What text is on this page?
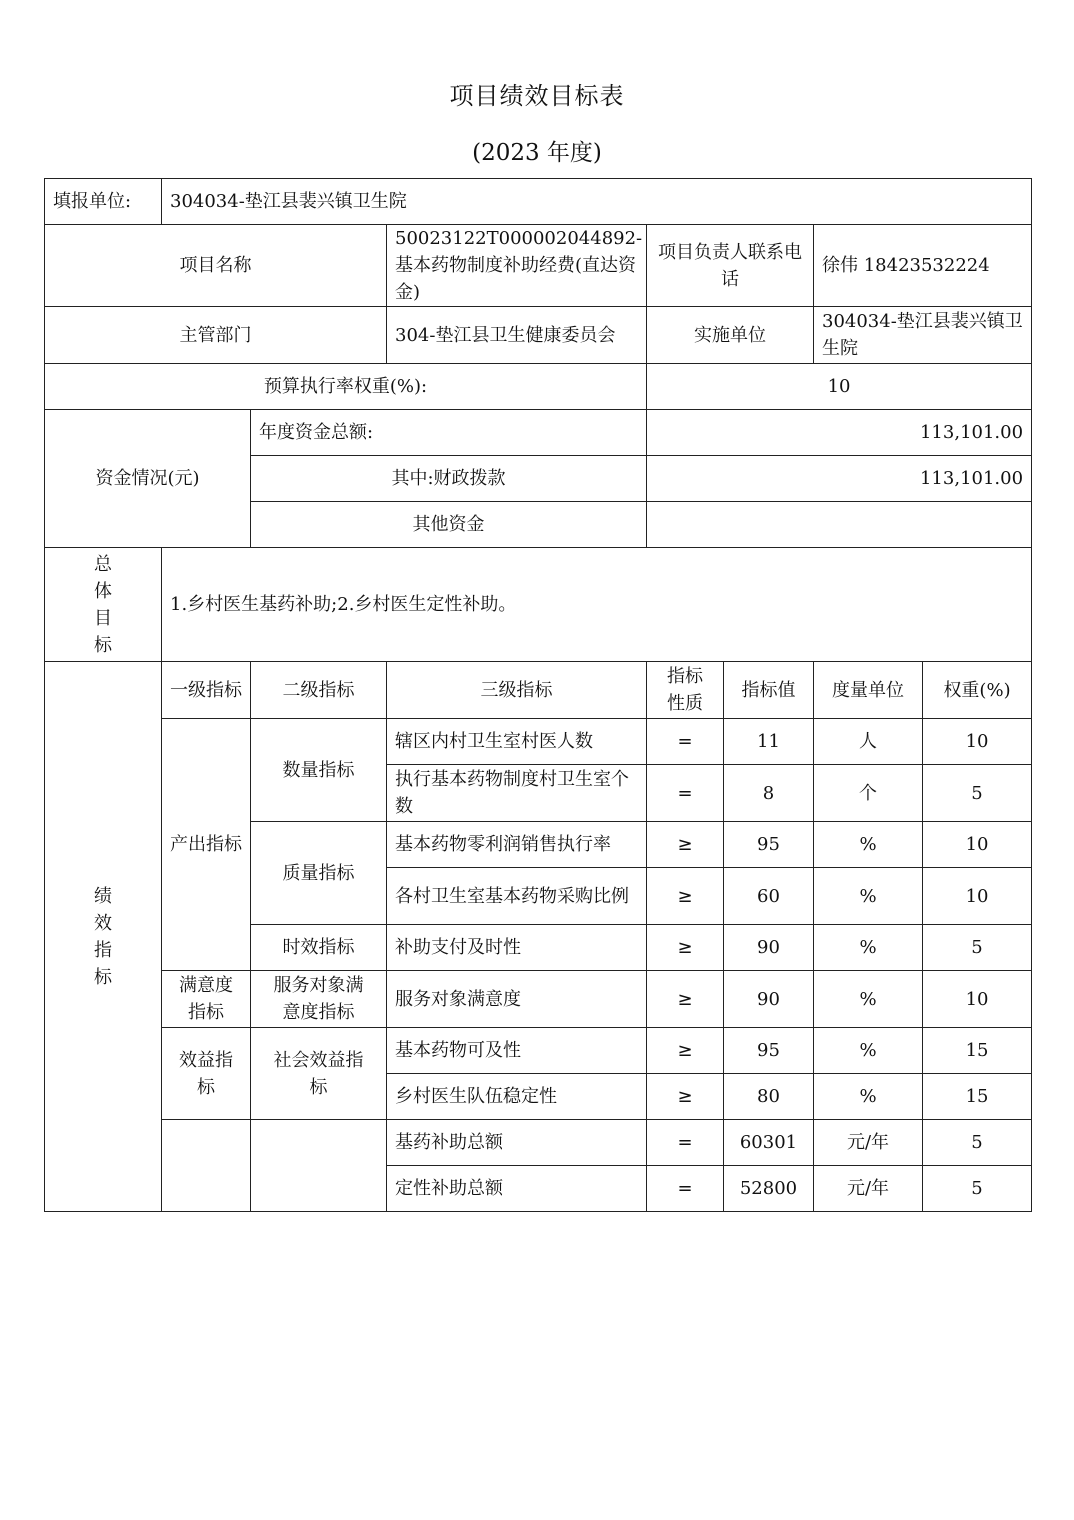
项目绩效目标表
(2023 年度)
填报单位:	304034-垫江县裴兴镇卫生院						
项目名称			50023122T000002044892-基本药物制度补助经费(直达资金)	项目负责人联系电话		徐伟 18423532224	
主管部门			304-垫江县卫生健康委员会	实施单位		304034-垫江县裴兴镇卫生院	
预算执行率权重(%):				10			
资金情况(元)		年度资金总额:		113,101.00			
		其中:财政拨款		113,101.00			
		其他资金					
总体目标	1.乡村医生基药补助;2.乡村医生定性补助。						
绩效指标	一级指标	二级指标	三级指标	指标性质	指标值	度量单位	权重(%)
	产出指标	数量指标	辖区内村卫生室村医人数	=	11	人	10
			执行基本药物制度村卫生室个数	=	8	个	5
		质量指标	基本药物零利润销售执行率	≥	95	%	10
			各村卫生室基本药物采购比例	≥	60	%	10
		时效指标	补助支付及时性	≥	90	%	5
	满意度指标	服务对象满意度指标	服务对象满意度	≥	90	%	10
	效益指标	社会效益指标	基本药物可及性	≥	95	%	15
			乡村医生队伍稳定性	≥	80	%	15
			基药补助总额	=	60301	元/年	5
			定性补助总额	=	52800	元/年	5
